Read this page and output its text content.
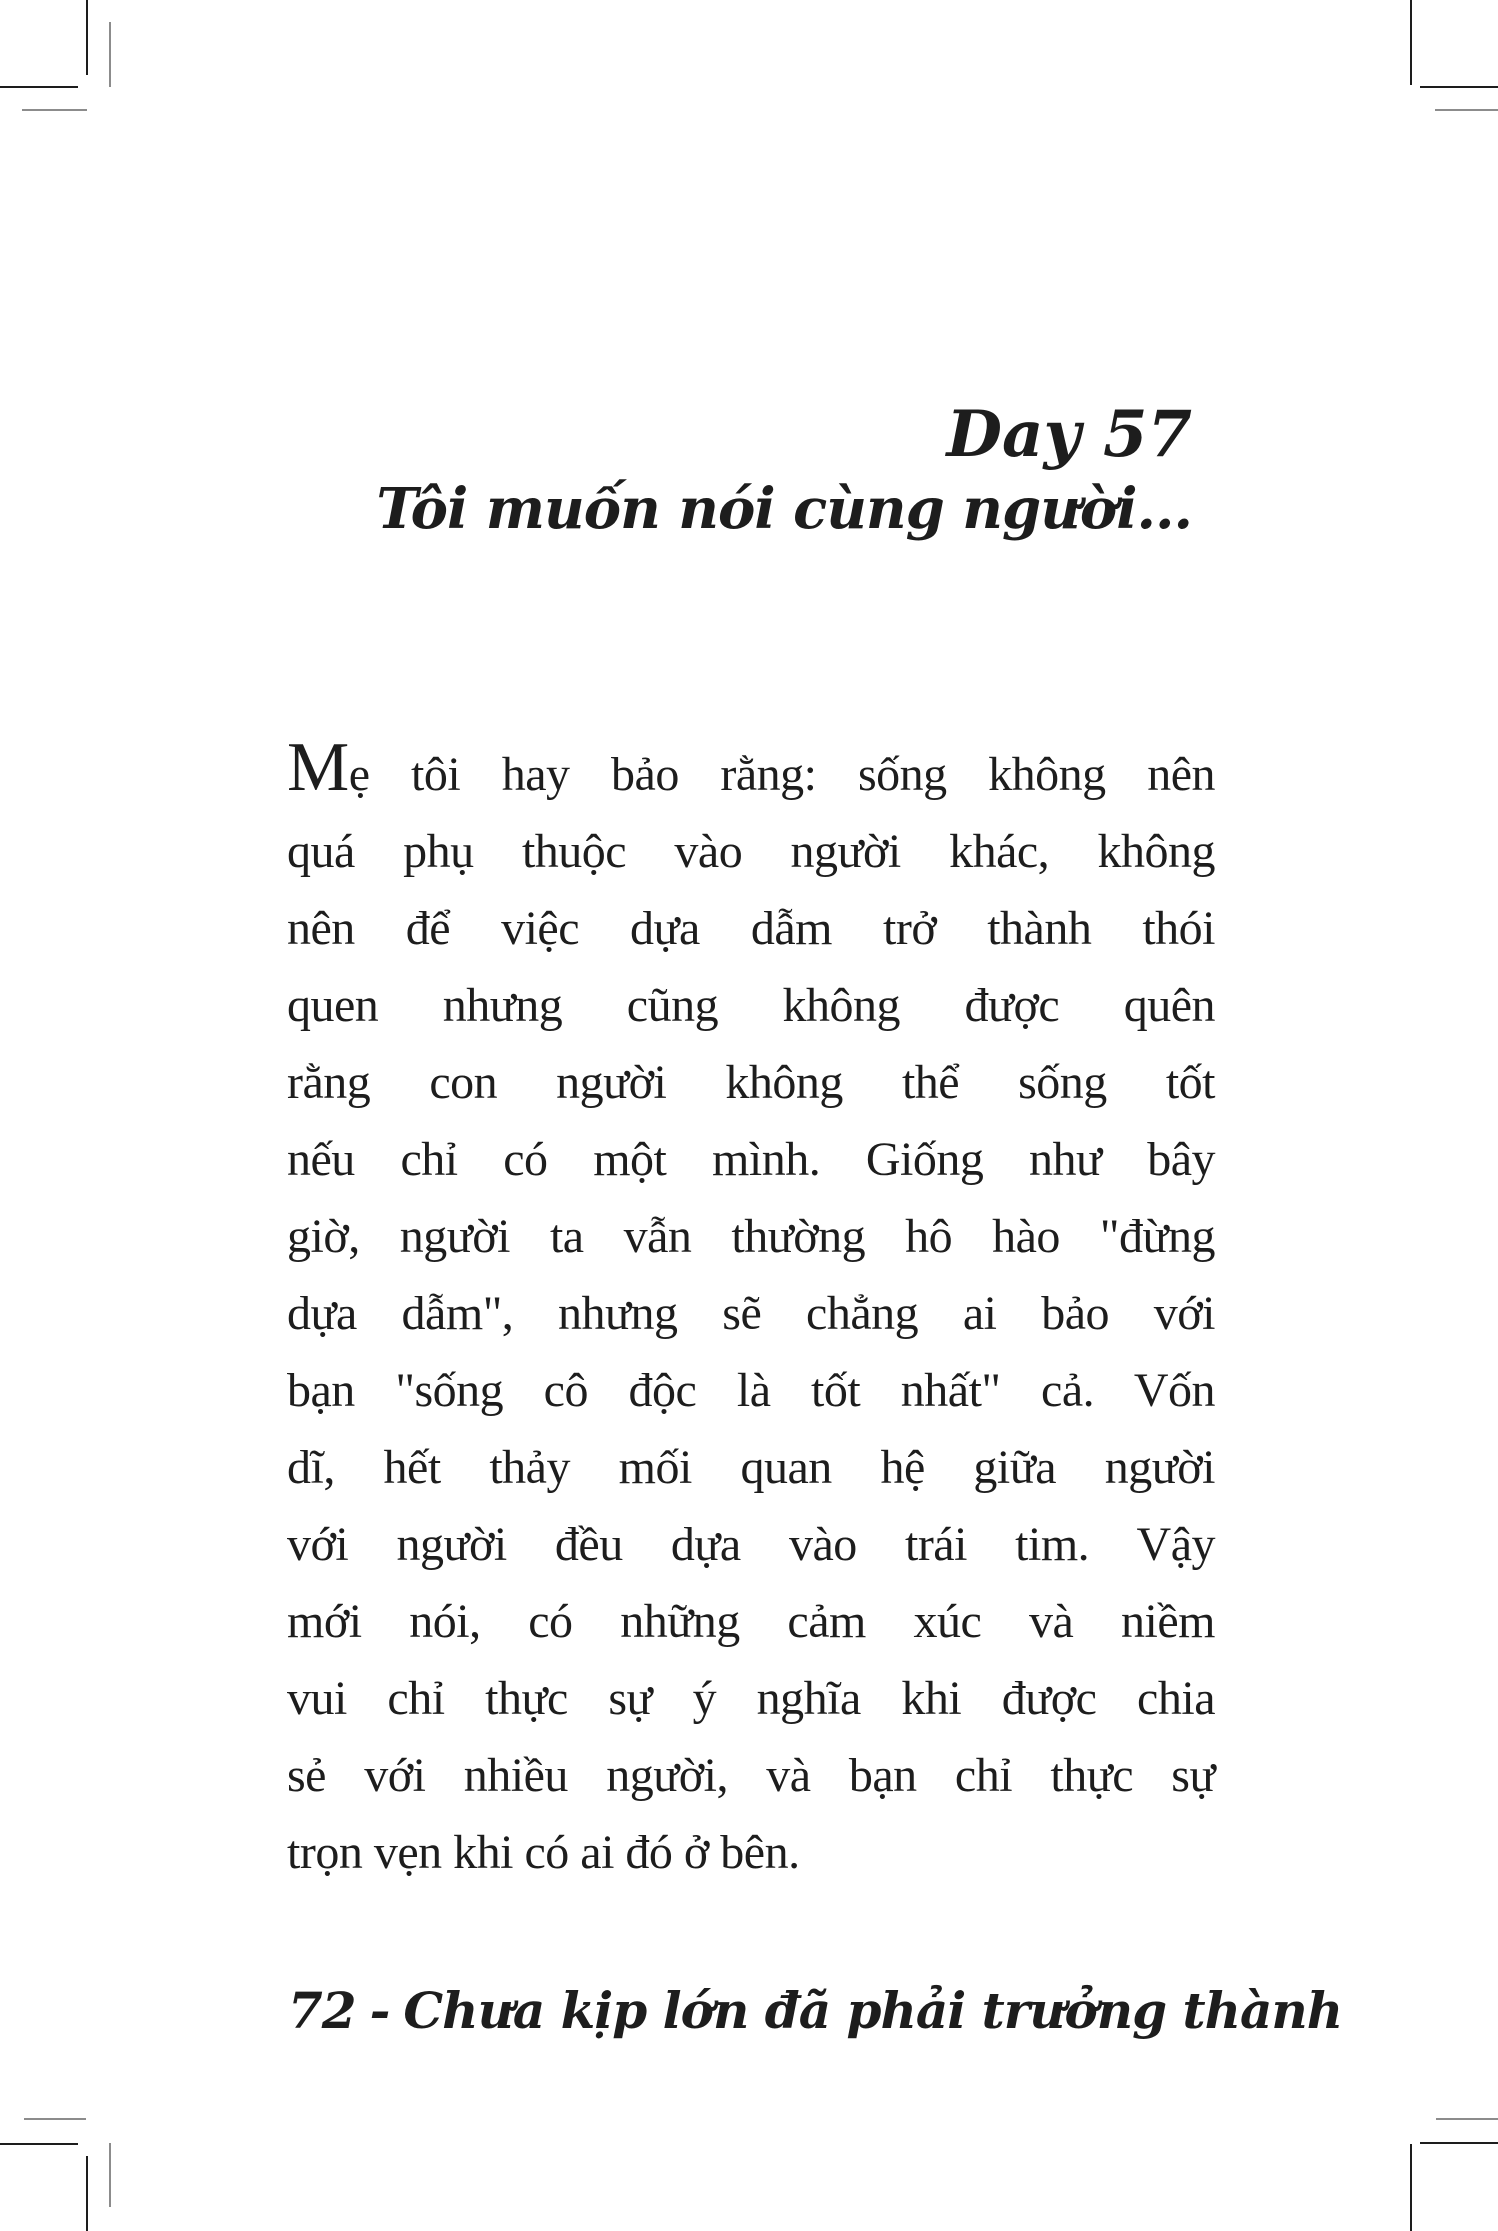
Day 57
Tôi muốn nói cùng người...
Mẹ tôi hay bảo rằng: sống không nên
quá phụ thuộc vào người khác, không
nên để việc dựa dẫm trở thành thói
quen nhưng cũng không được quên
rằng con người không thể sống tốt
nếu chỉ có một mình. Giống như bây
giờ, người ta vẫn thường hô hào "đừng
dựa dẫm", nhưng sẽ chẳng ai bảo với
bạn "sống cô độc là tốt nhất" cả. Vốn
dĩ, hết thảy mối quan hệ giữa người
với người đều dựa vào trái tim. Vậy
mới nói, có những cảm xúc và niềm
vui chỉ thực sự ý nghĩa khi được chia
sẻ với nhiều người, và bạn chỉ thực sự
trọn vẹn khi có ai đó ở bên.
72 - Chưa kịp lớn đã phải trưởng thành
